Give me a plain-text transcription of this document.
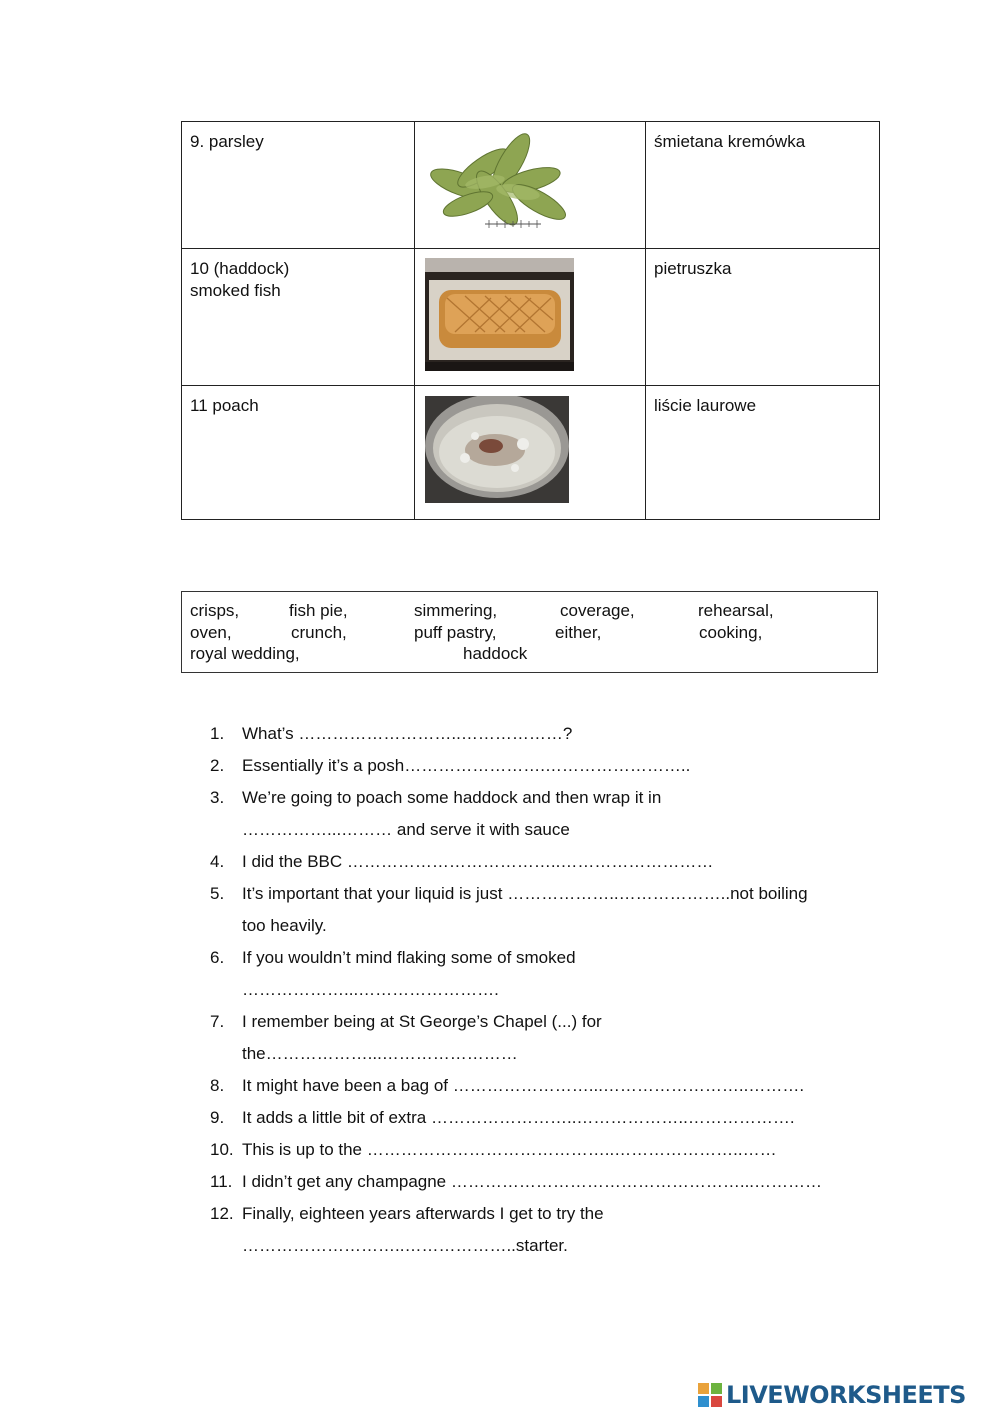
9. parsley		śmietana kremówka

10 (haddock)
smoked fish		pietruszka
11 poach		liście laurowe
crisps,	fish pie,	simmering,	coverage,	rehearsal,
oven,	crunch,	puff pastry,	either,	cooking,
royal wedding,	haddock
1. What’s ………………………..………………?
2. Essentially it’s a posh…………………….……………………..
3. We’re going to poach some haddock and then wrap it in
……………...……… and serve it with sauce
4. I did the BBC ………………………………..………………………
5. It’s important that your liquid is just ………………..………………..not boiling
too heavily.
6. If you wouldn’t mind flaking some of smoked
………………...…………………….
7. I remember being at St George’s Chapel (...) for
the………………...……………………
8. It might have been a bag of ……………………...……………………..……….
9. It adds a little bit of extra ……………………..………………..……………….
10. This is up to the ……………………………………..…………………..……
11. I didn’t get any champagne ……………………………………………...…………
12. Finally, eighteen years afterwards I get to try the
………………………..………………..starter.
LIVEWORKSHEETS
